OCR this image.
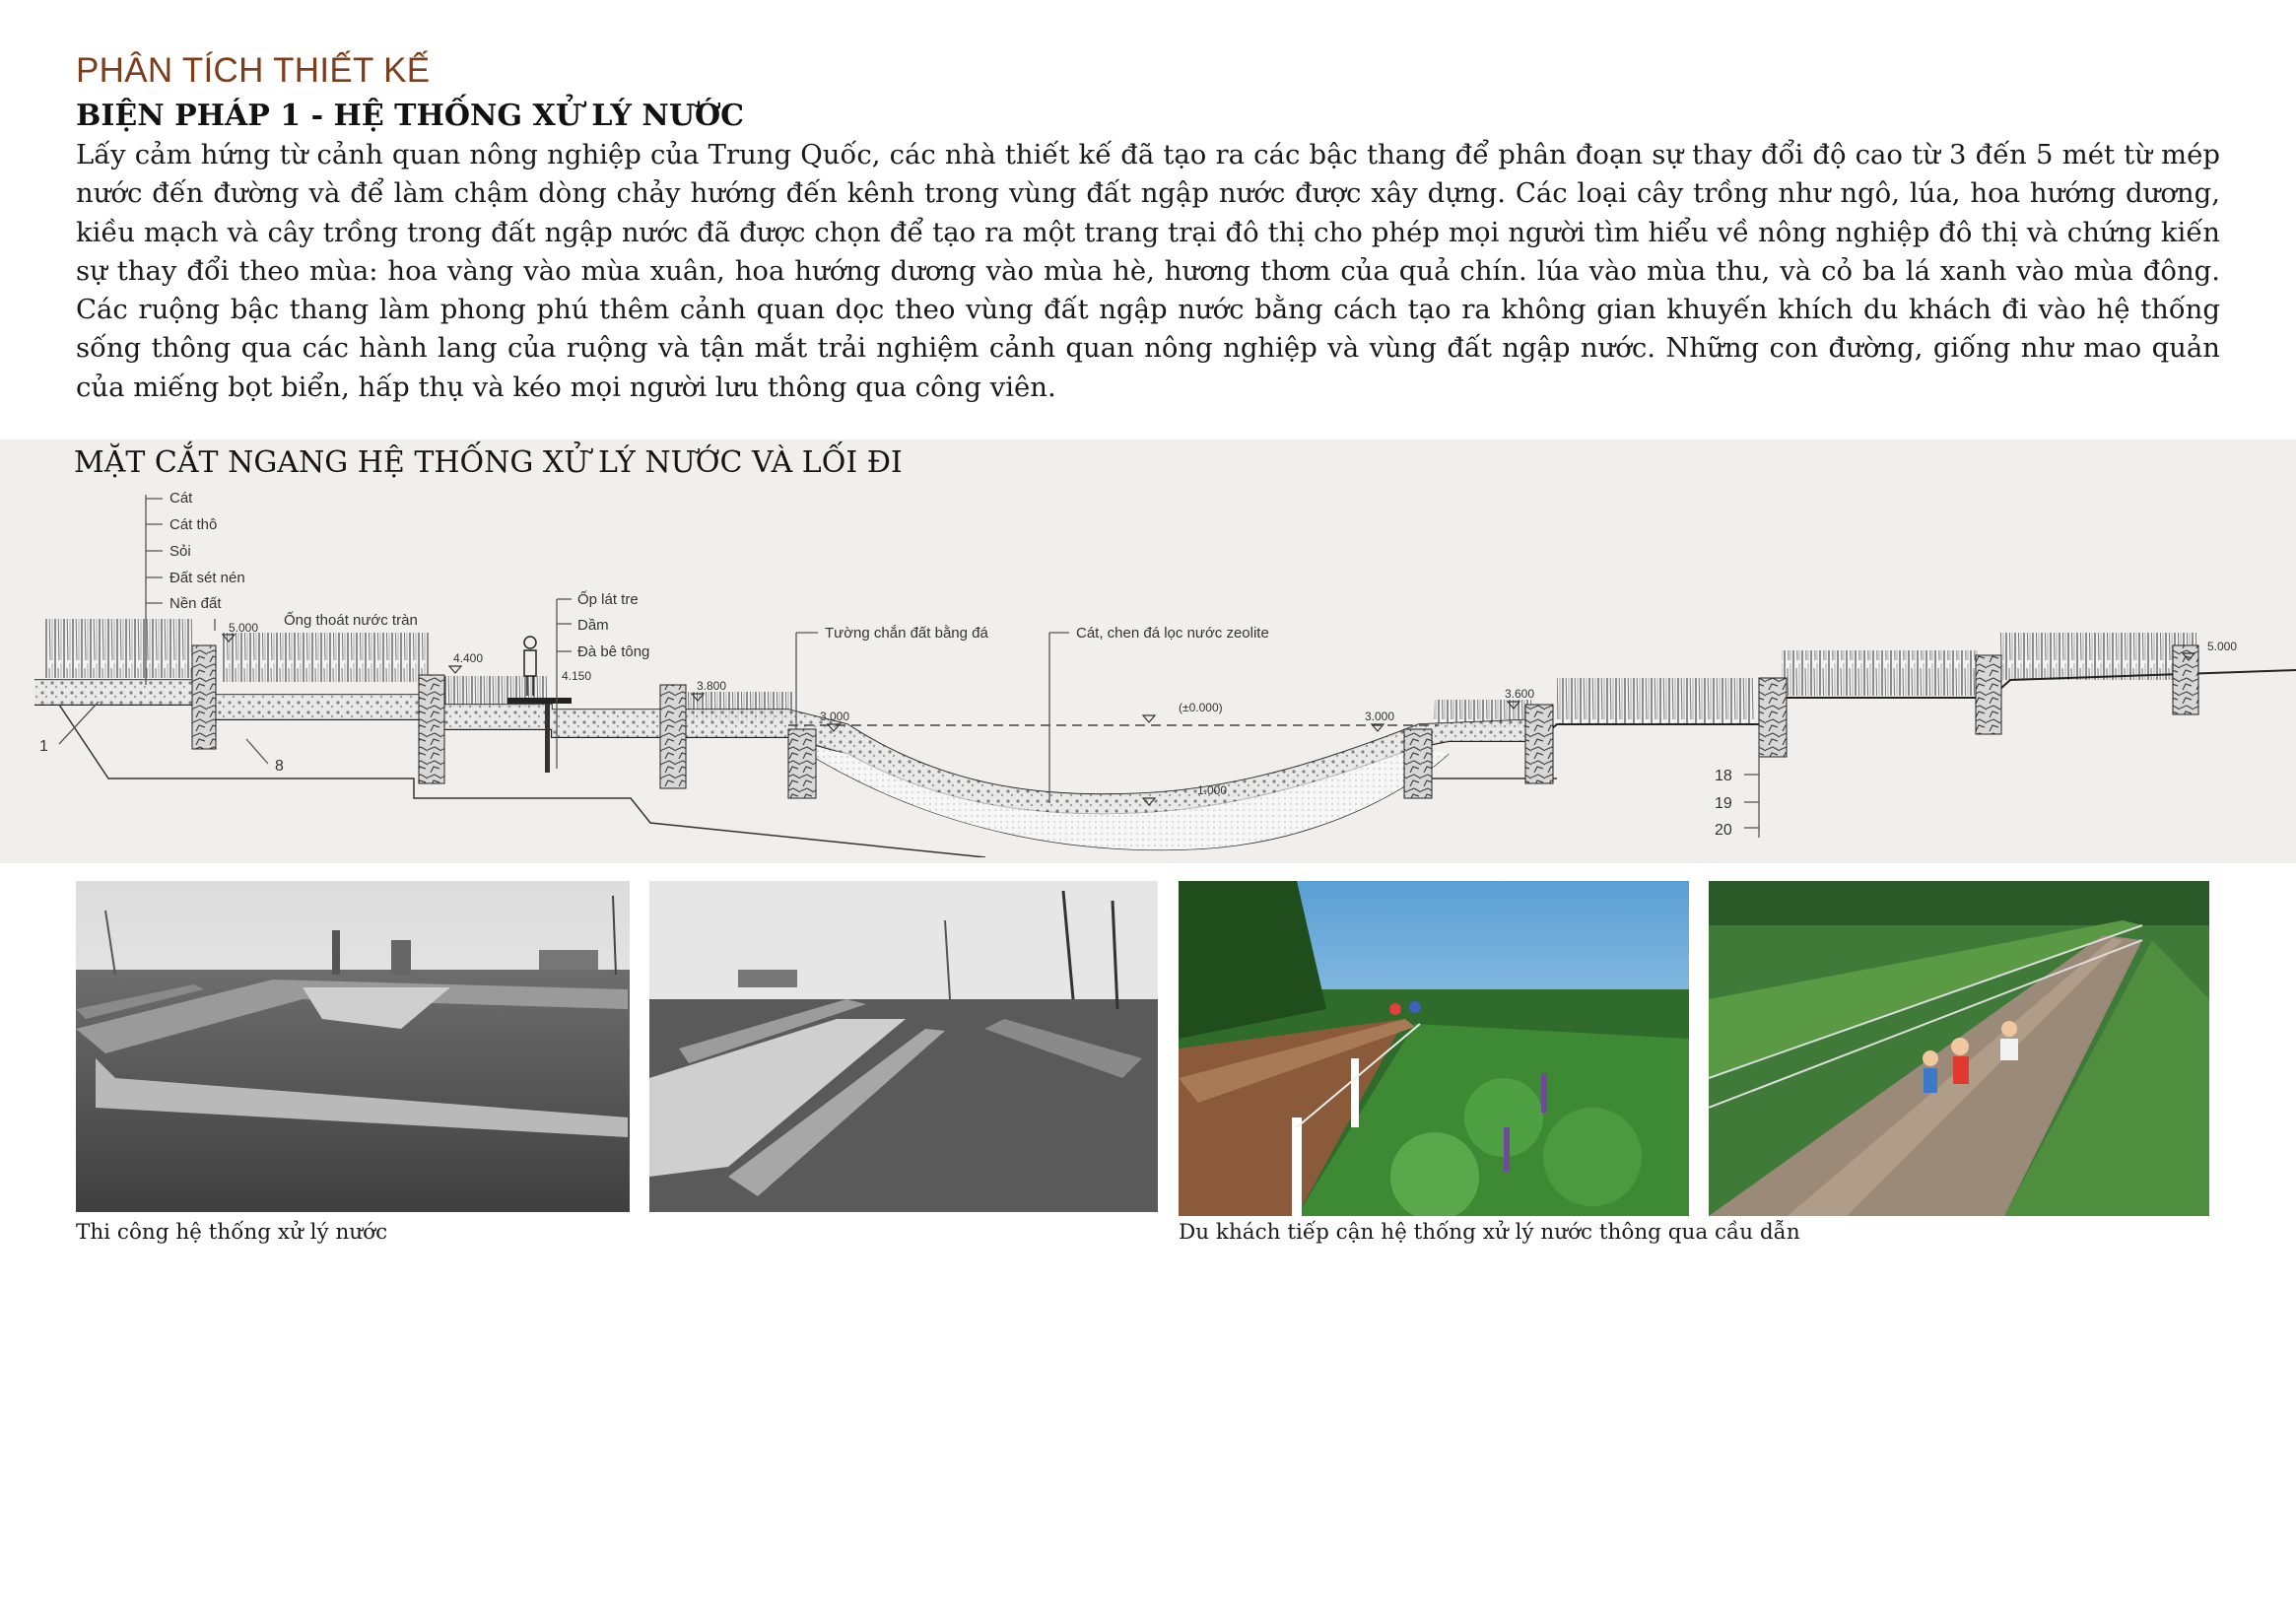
PHÂN TÍCH THIẾT KẾ
BIỆN PHÁP 1 - HỆ THỐNG XỬ LÝ NƯỚC

Lấy cảm hứng từ cảnh quan nông nghiệp của Trung Quốc, các nhà thiết kế đã tạo ra các bậc thang để phân đoạn sự thay đổi độ cao từ 3 đến 5 mét từ mép nước đến đường và để làm chậm dòng chảy hướng đến kênh trong vùng đất ngập nước được xây dựng. Các loại cây trồng như ngô, lúa, hoa hướng dương, kiều mạch và cây trồng trong đất ngập nước đã được chọn để tạo ra một trang trại đô thị cho phép mọi người tìm hiểu về nông nghiệp đô thị và chứng kiến sự thay đổi theo mùa: hoa vàng vào mùa xuân, hoa hướng dương vào mùa hè, hương thơm của quả chín. lúa vào mùa thu, và cỏ ba lá xanh vào mùa đông. Các ruộng bậc thang làm phong phú thêm cảnh quan dọc theo vùng đất ngập nước bằng cách tạo ra không gian khuyến khích du khách đi vào hệ thống sống thông qua các hành lang của ruộng và tận mắt trải nghiệm cảnh quan nông nghiệp và vùng đất ngập nước. Những con đường, giống như mao quản của miếng bọt biển, hấp thụ và kéo mọi người lưu thông qua công viên.

MẶT CẮT NGANG HỆ THỐNG XỬ LÝ NƯỚC VÀ LỐI ĐI
Cát
Cát thô
Sỏi
Đất sét nén
Nền đất
Ống thoát nước tràn
Ốp lát tre
Dầm
Đà bê tông
Tường chắn đất bằng đá	Cát, chen đá lọc nước zeolite
5.000
4.400
4.150
3.800
3.000
(±0.000)
3.000
1.000
3.600
5.000
1
8
18
19
20

Thi công hệ thống xử lý nước	Du khách tiếp cận hệ thống xử lý nước thông qua cầu dẫn
